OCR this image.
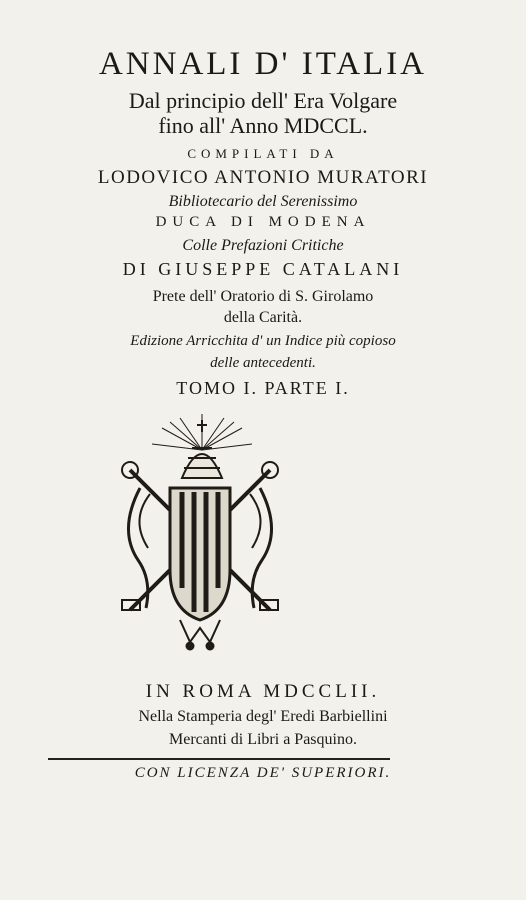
ANNALI D' ITALIA
Dal principio dell' Era Volgare
fino all' Anno MDCCL.
COMPILATI DA
LODOVICO ANTONIO MURATORI
Bibliotecario del Serenissimo
DUCA DI MODENA
Colle Prefazioni Critiche
DI GIUSEPPE CATALANI
Prete dell' Oratorio di S. Girolamo
della Carità.
Edizione Arricchita d' un Indice più copioso
delle antecedenti.
TOMO I. PARTE I.
IN ROMA MDCCLII.
Nella Stamperia degl' Eredi Barbiellini
Mercanti di Libri a Pasquino.
CON LICENZA DE' SUPERIORI.
